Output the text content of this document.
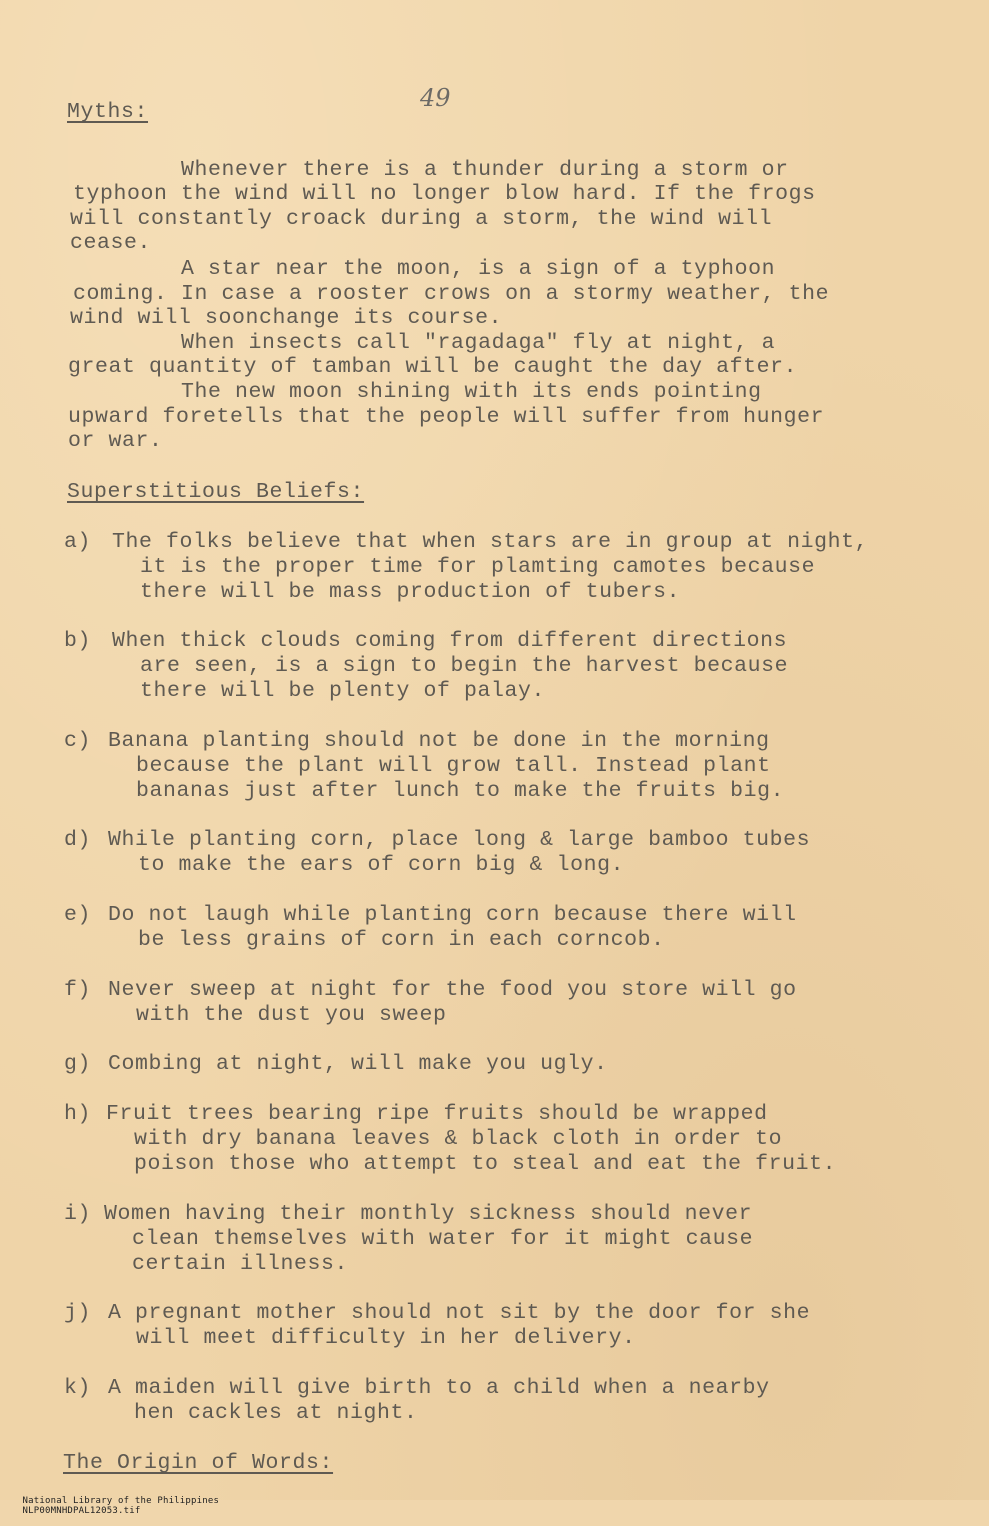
49
Myths:
Whenever there is a thunder during a storm or
typhoon the wind will no longer blow hard. If the frogs
will constantly croack during a storm, the wind will
cease.
A star near the moon, is a sign of a typhoon
coming. In case a rooster crows on a stormy weather, the
wind will soonchange its course.
When insects call "ragadaga" fly at night, a
great quantity of tamban will be caught the day after.
The new moon shining with its ends pointing
upward foretells that the people will suffer from hunger
or war.
Superstitious Beliefs:
a) The folks believe that when stars are in group at night,
it is the proper time for plamting camotes because
there will be mass production of tubers.
b) When thick clouds coming from different directions
are seen, is a sign to begin the harvest because
there will be plenty of palay.
c) Banana planting should not be done in the morning
because the plant will grow tall. Instead plant
bananas just after lunch to make the fruits big.
d) While planting corn, place long & large bamboo tubes
to make the ears of corn big & long.
e) Do not laugh while planting corn because there will
be less grains of corn in each corncob.
f) Never sweep at night for the food you store will go
with the dust you sweep
g) Combing at night, will make you ugly.
h) Fruit trees bearing ripe fruits should be wrapped
with dry banana leaves & black cloth in order to
poison those who attempt to steal and eat the fruit.
i) Women having their monthly sickness should never
clean themselves with water for it might cause
certain illness.
j) A pregnant mother should not sit by the door for she
will meet difficulty in her delivery.
k) A maiden will give birth to a child when a nearby
hen cackles at night.
The Origin of Words:

National Library of the Philippines
NLP00MNHDPAL12053.tif
